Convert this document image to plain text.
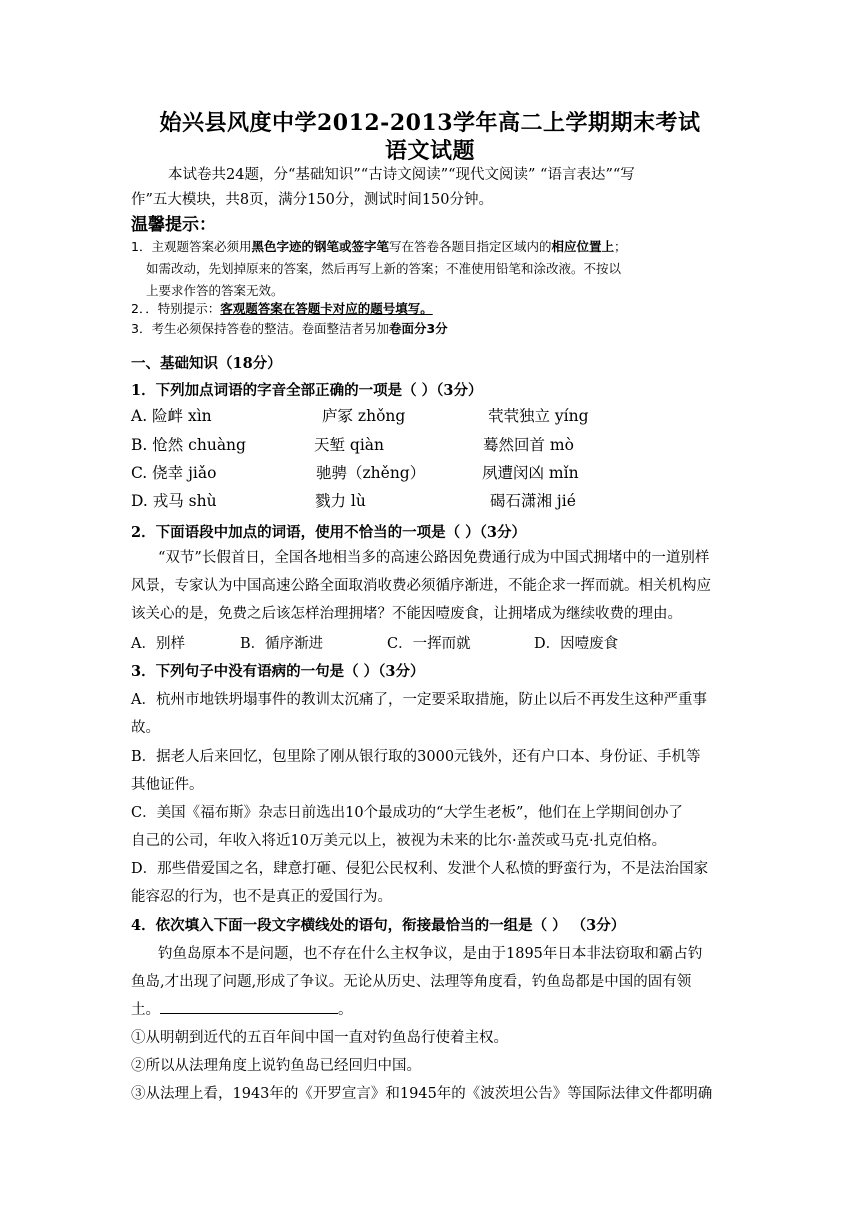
始兴县风度中学2012-2013学年高二上学期期末考试
语文试题
本试卷共24题，分“基础知识”“古诗文阅读”“现代文阅读” “语言表达”“写
作”五大模块，共8页，满分150分，测试时间150分钟。
温馨提示：
1．主观题答案必须用黑色字迹的钢笔或签字笔写在答卷各题目指定区域内的相应位置上；
如需改动，先划掉原来的答案，然后再写上新的答案；不准使用铅笔和涂改液。不按以
上要求作答的答案无效。
2．．特别提示：客观题答案在答题卡对应的题号填写。
3．考生必须保持答卷的整洁。卷面整洁者另加卷面分3分
一、基础知识（18分）
1．下列加点词语的字音全部正确的一项是（ ）（3分）
A. 险衅 xìn	庐冢 zhǒng	茕茕独立 yíng
B. 怆然 chuàng	天堑 qiàn	蓦然回首 mò
C. 侥幸 jiǎo	驰骋（zhěng）	夙遭闵凶 mǐn
D. 戎马 shù	戮力 lù	碣石潇湘 jié
2．下面语段中加点的词语，使用不恰当的一项是（ ）（3分）
“双节”长假首日，全国各地相当多的高速公路因免费通行成为中国式拥堵中的一道别样
风景，专家认为中国高速公路全面取消收费必须循序渐进，不能企求一挥而就。相关机构应
该关心的是，免费之后该怎样治理拥堵？不能因噎废食，让拥堵成为继续收费的理由。
A．别样	B．循序渐进	C．一挥而就	D．因噎废食
3．下列句子中没有语病的一句是（ ）（3分）
A．杭州市地铁坍塌事件的教训太沉痛了，一定要采取措施，防止以后不再发生这种严重事
故。
B．据老人后来回忆，包里除了刚从银行取的3000元钱外，还有户口本、身份证、手机等
其他证件。
C．美国《福布斯》杂志日前选出10个最成功的“大学生老板”，他们在上学期间创办了
自己的公司，年收入将近10万美元以上，被视为未来的比尔·盖茨或马克·扎克伯格。
D．那些借爱国之名，肆意打砸、侵犯公民权利、发泄个人私愤的野蛮行为，不是法治国家
能容忍的行为，也不是真正的爱国行为。
4．依次填入下面一段文字横线处的语句，衔接最恰当的一组是（ ） （3分）
钓鱼岛原本不是问题，也不存在什么主权争议，是由于1895年日本非法窃取和霸占钓
鱼岛,才出现了问题,形成了争议。无论从历史、法理等角度看，钓鱼岛都是中国的固有领
土。	。
①从明朝到近代的五百年间中国一直对钓鱼岛行使着主权。
②所以从法理角度上说钓鱼岛已经回归中国。
③从法理上看，1943年的《开罗宣言》和1945年的《波茨坦公告》等国际法律文件都明确
